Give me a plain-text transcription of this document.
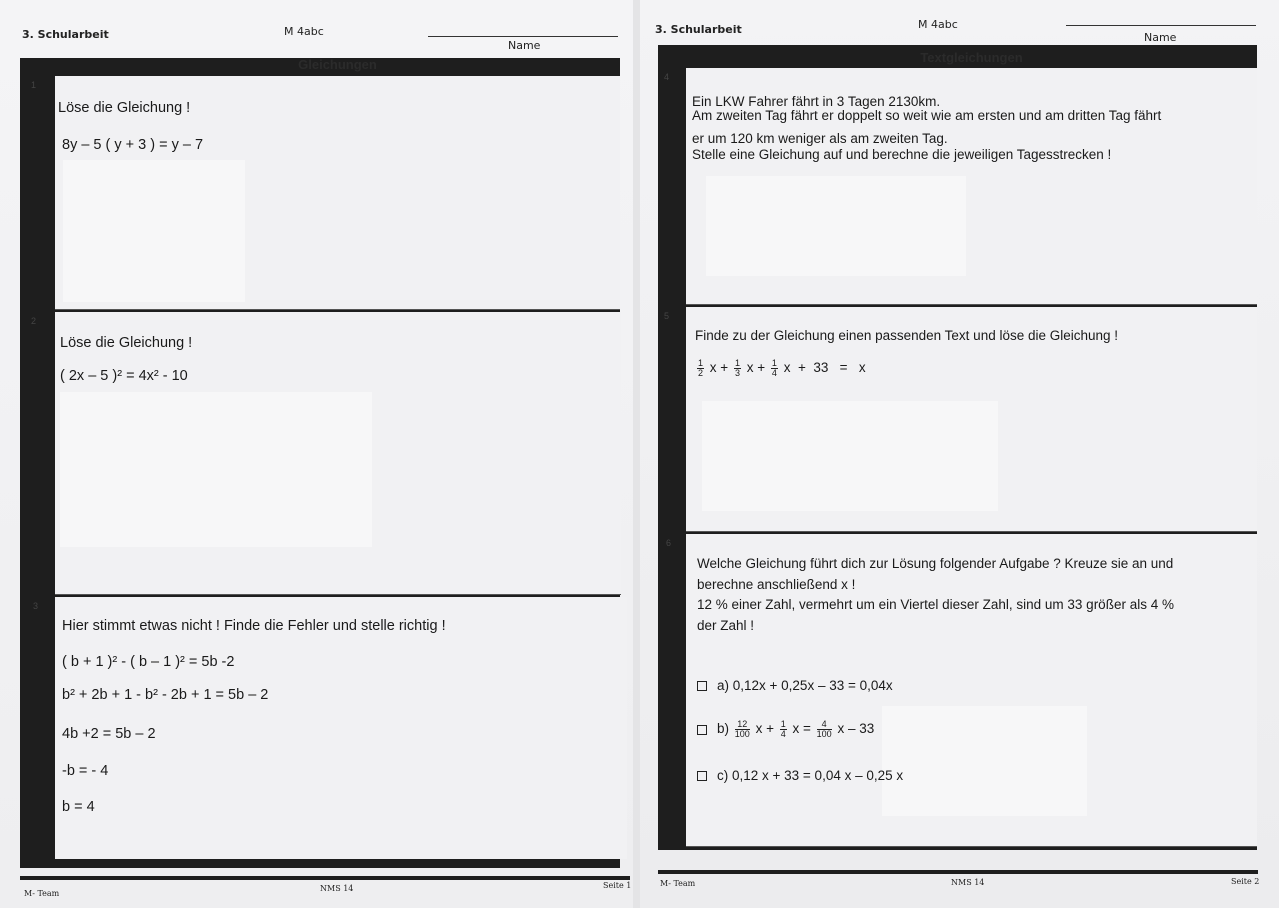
3. Schularbeit	M 4abc
Name
Gleichungen
1
Löse die Gleichung !
8y – 5 ( y + 3 ) = y – 7
2
Löse die Gleichung !
( 2x – 5 )² = 4x² - 10
3
Hier stimmt etwas nicht ! Finde die Fehler und stelle richtig !
( b + 1 )² - ( b – 1 )² = 5b -2
b² + 2b + 1 - b² - 2b + 1 = 5b – 2
4b +2 = 5b – 2
-b = - 4
b = 4
M- Team
NMS 14	Seite 1
3. Schularbeit	M 4abc
Name
Textgleichungen
4
Ein LKW Fahrer fährt in 3 Tagen 2130km.
Am zweiten Tag fährt er doppelt so weit wie am ersten und am dritten Tag fährt
er um 120 km weniger als am zweiten Tag.
Stelle eine Gleichung auf und berechne die jeweiligen Tagesstrecken !
5
Finde zu der Gleichung einen passenden Text und löse die Gleichung !
$\frac{1}{2}$ $x + \frac{1}{3}$ $x + \frac{1}{4}$ x + 33 = x
6
Welche Gleichung führt dich zur Lösung folgender Aufgabe ? Kreuze sie an und
berechne anschließend x !
12 % einer Zahl, vermehrt um ein Viertel dieser Zahl, sind um 33 größer als 4 %
der Zahl !
a) 0,12x + 0,25x – 33 = 0,04x
$b) \frac{12}{100}$ $x + \frac{1}{4}$ $x = \frac{4}{100}$ x – 33
c) 0,12 x + 33 = 0,04 x – 0,25 x
M- Team	NMS 14	Seite 2
